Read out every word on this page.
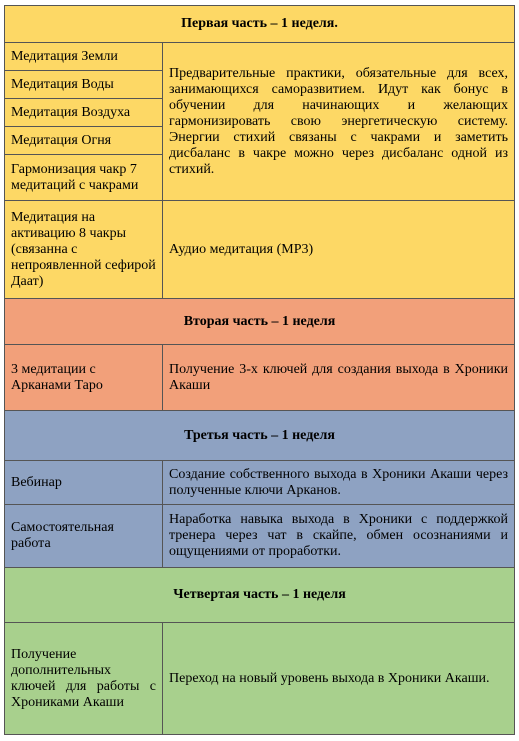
Первая часть – 1 неделя.	
Медитация Земли	Предварительные практики, обязательные для всех, занимающихся саморазвитием. Идут как бонус в обучении для начинающих и желающих гармонизировать свою энергетическую систему. Энергии стихий связаны с чакрами и заметить дисбаланс в чакре можно через дисбаланс одной из стихий.
Медитация Воды	
Медитация Воздуха	
Медитация Огня	
Гармонизация чакр 7 медитаций с чакрами	
Медитация на активацию 8 чакры (связанна с непроявленной сефирой Даат)	Аудио медитация (MP3)
Вторая часть – 1 неделя	
3 медитации с Арканами Таро	Получение 3-х ключей для создания выхода в Хроники Акаши
Третья часть – 1 неделя	
Вебинар	Создание собственного выхода в Хроники Акаши через полученные ключи Арканов.
Самостоятельная работа	Наработка навыка выхода в Хроники с поддержкой тренера через чат в скайпе, обмен осознаниями и ощущениями от проработки.
Четвертая часть – 1 неделя	
Получение дополнительных ключей для работы с Хрониками Акаши	Переход на новый уровень выхода в Хроники Акаши.
